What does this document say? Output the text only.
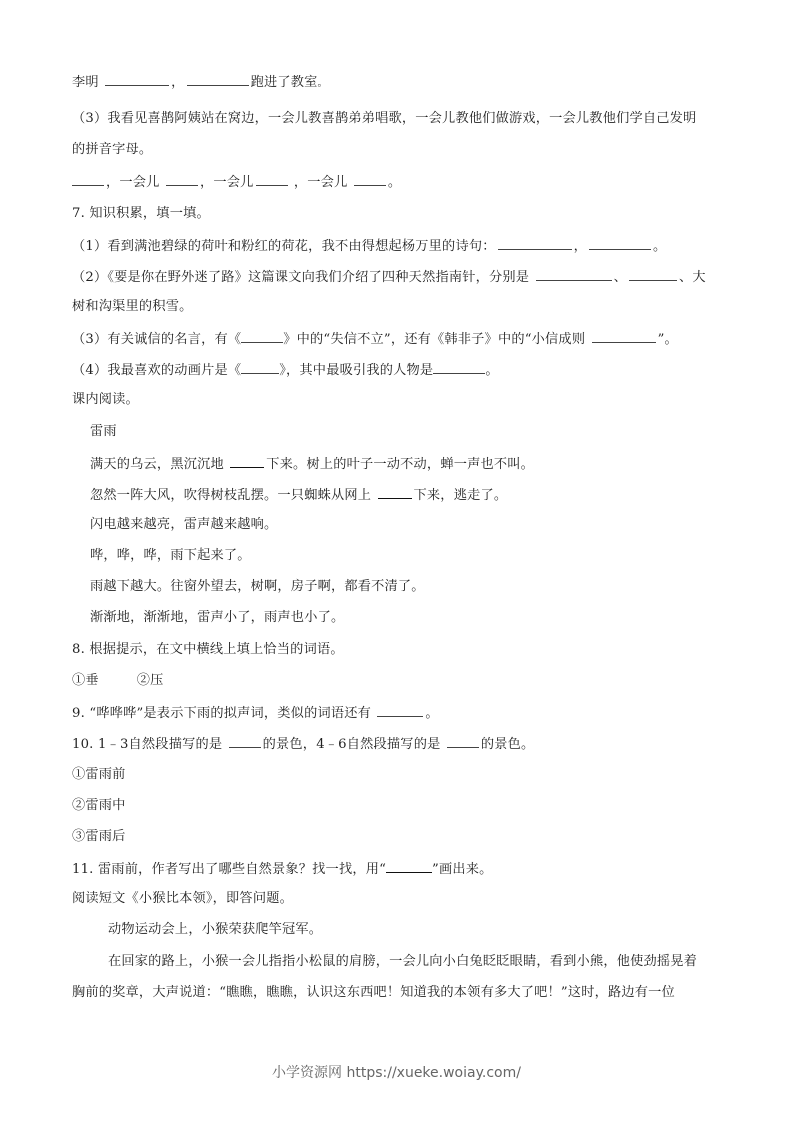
李明	，	跑进了教室。
（3）我看见喜鹊阿姨站在窝边，一会儿教喜鹊弟弟唱歌，一会儿教他们做游戏，一会儿教他们学自己发明
的拼音字母。
，一会儿	，一会儿	，一会儿	。
7. 知识积累，填一填。
（1）看到满池碧绿的荷叶和粉红的荷花，我不由得想起杨万里的诗句：	，	。
（2）《要是你在野外迷了路》这篇课文向我们介绍了四种天然指南针，分别是	、	、大
树和沟渠里的积雪。
（3）有关诚信的名言，有《	》中的“失信不立”，还有《韩非子》中的“小信成则	”。
（4）我最喜欢的动画片是《	》，其中最吸引我的人物是	。
课内阅读。
雷雨
满天的乌云，黑沉沉地	下来。树上的叶子一动不动，蝉一声也不叫。
忽然一阵大风，吹得树枝乱摆。一只蜘蛛从网上	下来，逃走了。
闪电越来越亮，雷声越来越响。
哗，哗，哗，雨下起来了。
雨越下越大。往窗外望去，树啊，房子啊，都看不清了。
渐渐地，渐渐地，雷声小了，雨声也小了。
8. 根据提示，在文中横线上填上恰当的词语。
①垂	②压
9. “哗哗哗”是表示下雨的拟声词，类似的词语还有	。
10. 1﹣3自然段描写的是	的景色，4﹣6自然段描写的是	的景色。
①雷雨前
②雷雨中
③雷雨后
11. 雷雨前，作者写出了哪些自然景象？找一找，用“	”画出来。
阅读短文《小猴比本领》，即答问题。
动物运动会上，小猴荣获爬竿冠军。
在回家的路上，小猴一会儿指指小松鼠的肩膀，一会儿向小白兔眨眨眼睛，看到小熊，他使劲摇晃着
胸前的奖章，大声说道：“瞧瞧，瞧瞧，认识这东西吧！知道我的本领有多大了吧！”这时，路边有一位
小学资源网 https://xueke.woiay.com/
